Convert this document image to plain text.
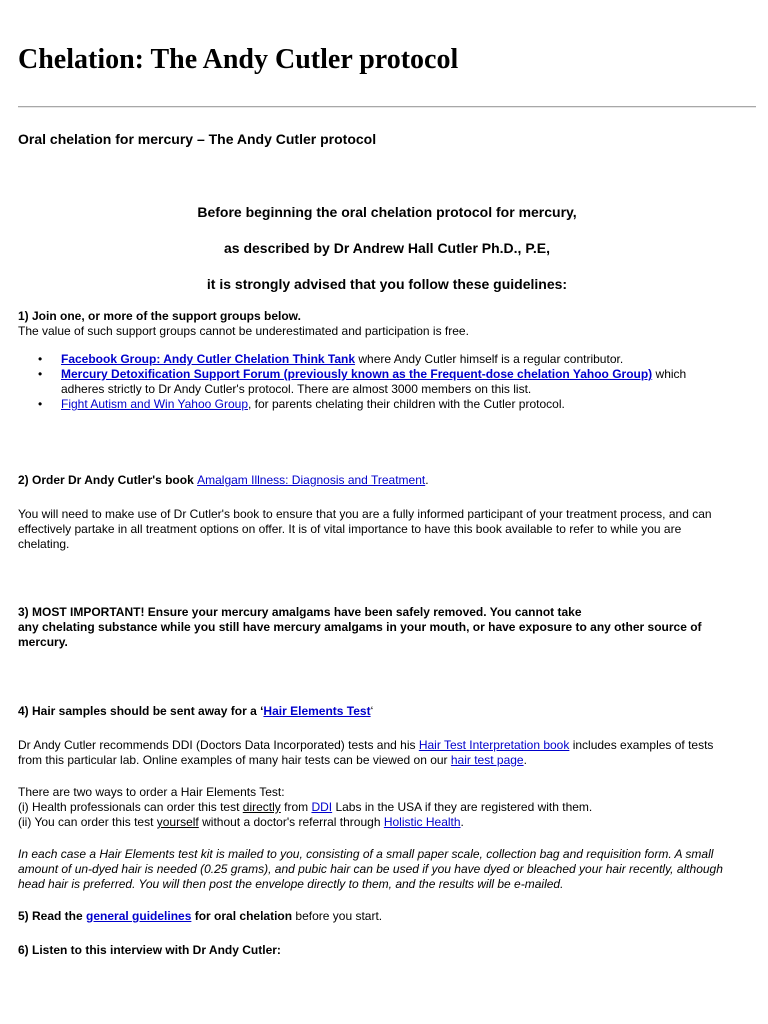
Chelation: The Andy Cutler protocol
Oral chelation for mercury – The Andy Cutler protocol

Before beginning the oral chelation protocol for mercury,

as described by Dr Andrew Hall Cutler Ph.D., P.E,

it is strongly advised that you follow these guidelines:

1) Join one, or more of the support groups below.

The value of such support groups cannot be underestimated and participation is free.

• Facebook Group: Andy Cutler Chelation Think Tank where Andy Cutler himself is a regular contributor.
• Mercury Detoxification Support Forum (previously known as the Frequent-dose chelation Yahoo Group) which
adheres strictly to Dr Andy Cutler's protocol. There are almost 3000 members on this list.
• Fight Autism and Win Yahoo Group, for parents chelating their children with the Cutler protocol.

2) Order Dr Andy Cutler's book Amalgam Illness: Diagnosis and Treatment.

You will need to make use of Dr Cutler's book to ensure that you are a fully informed participant of your treatment process, and can
effectively partake in all treatment options on offer. It is of vital importance to have this book available to refer to while you are
chelating.

3) MOST IMPORTANT! Ensure your mercury amalgams have been safely removed. You cannot take
any chelating substance while you still have mercury amalgams in your mouth, or have exposure to any other source of
mercury.

4) Hair samples should be sent away for a ‘Hair Elements Test‘

Dr Andy Cutler recommends DDI (Doctors Data Incorporated) tests and his Hair Test Interpretation book includes examples of tests
from this particular lab. Online examples of many hair tests can be viewed on our hair test page.

There are two ways to order a Hair Elements Test:
(i) Health professionals can order this test directly from DDI Labs in the USA if they are registered with them.
(ii) You can order this test yourself without a doctor's referral through Holistic Health.

In each case a Hair Elements test kit is mailed to you, consisting of a small paper scale, collection bag and requisition form. A small
amount of un-dyed hair is needed (0.25 grams), and pubic hair can be used if you have dyed or bleached your hair recently, although
head hair is preferred. You will then post the envelope directly to them, and the results will be e-mailed.

5) Read the general guidelines for oral chelation before you start.

6) Listen to this interview with Dr Andy Cutler:
